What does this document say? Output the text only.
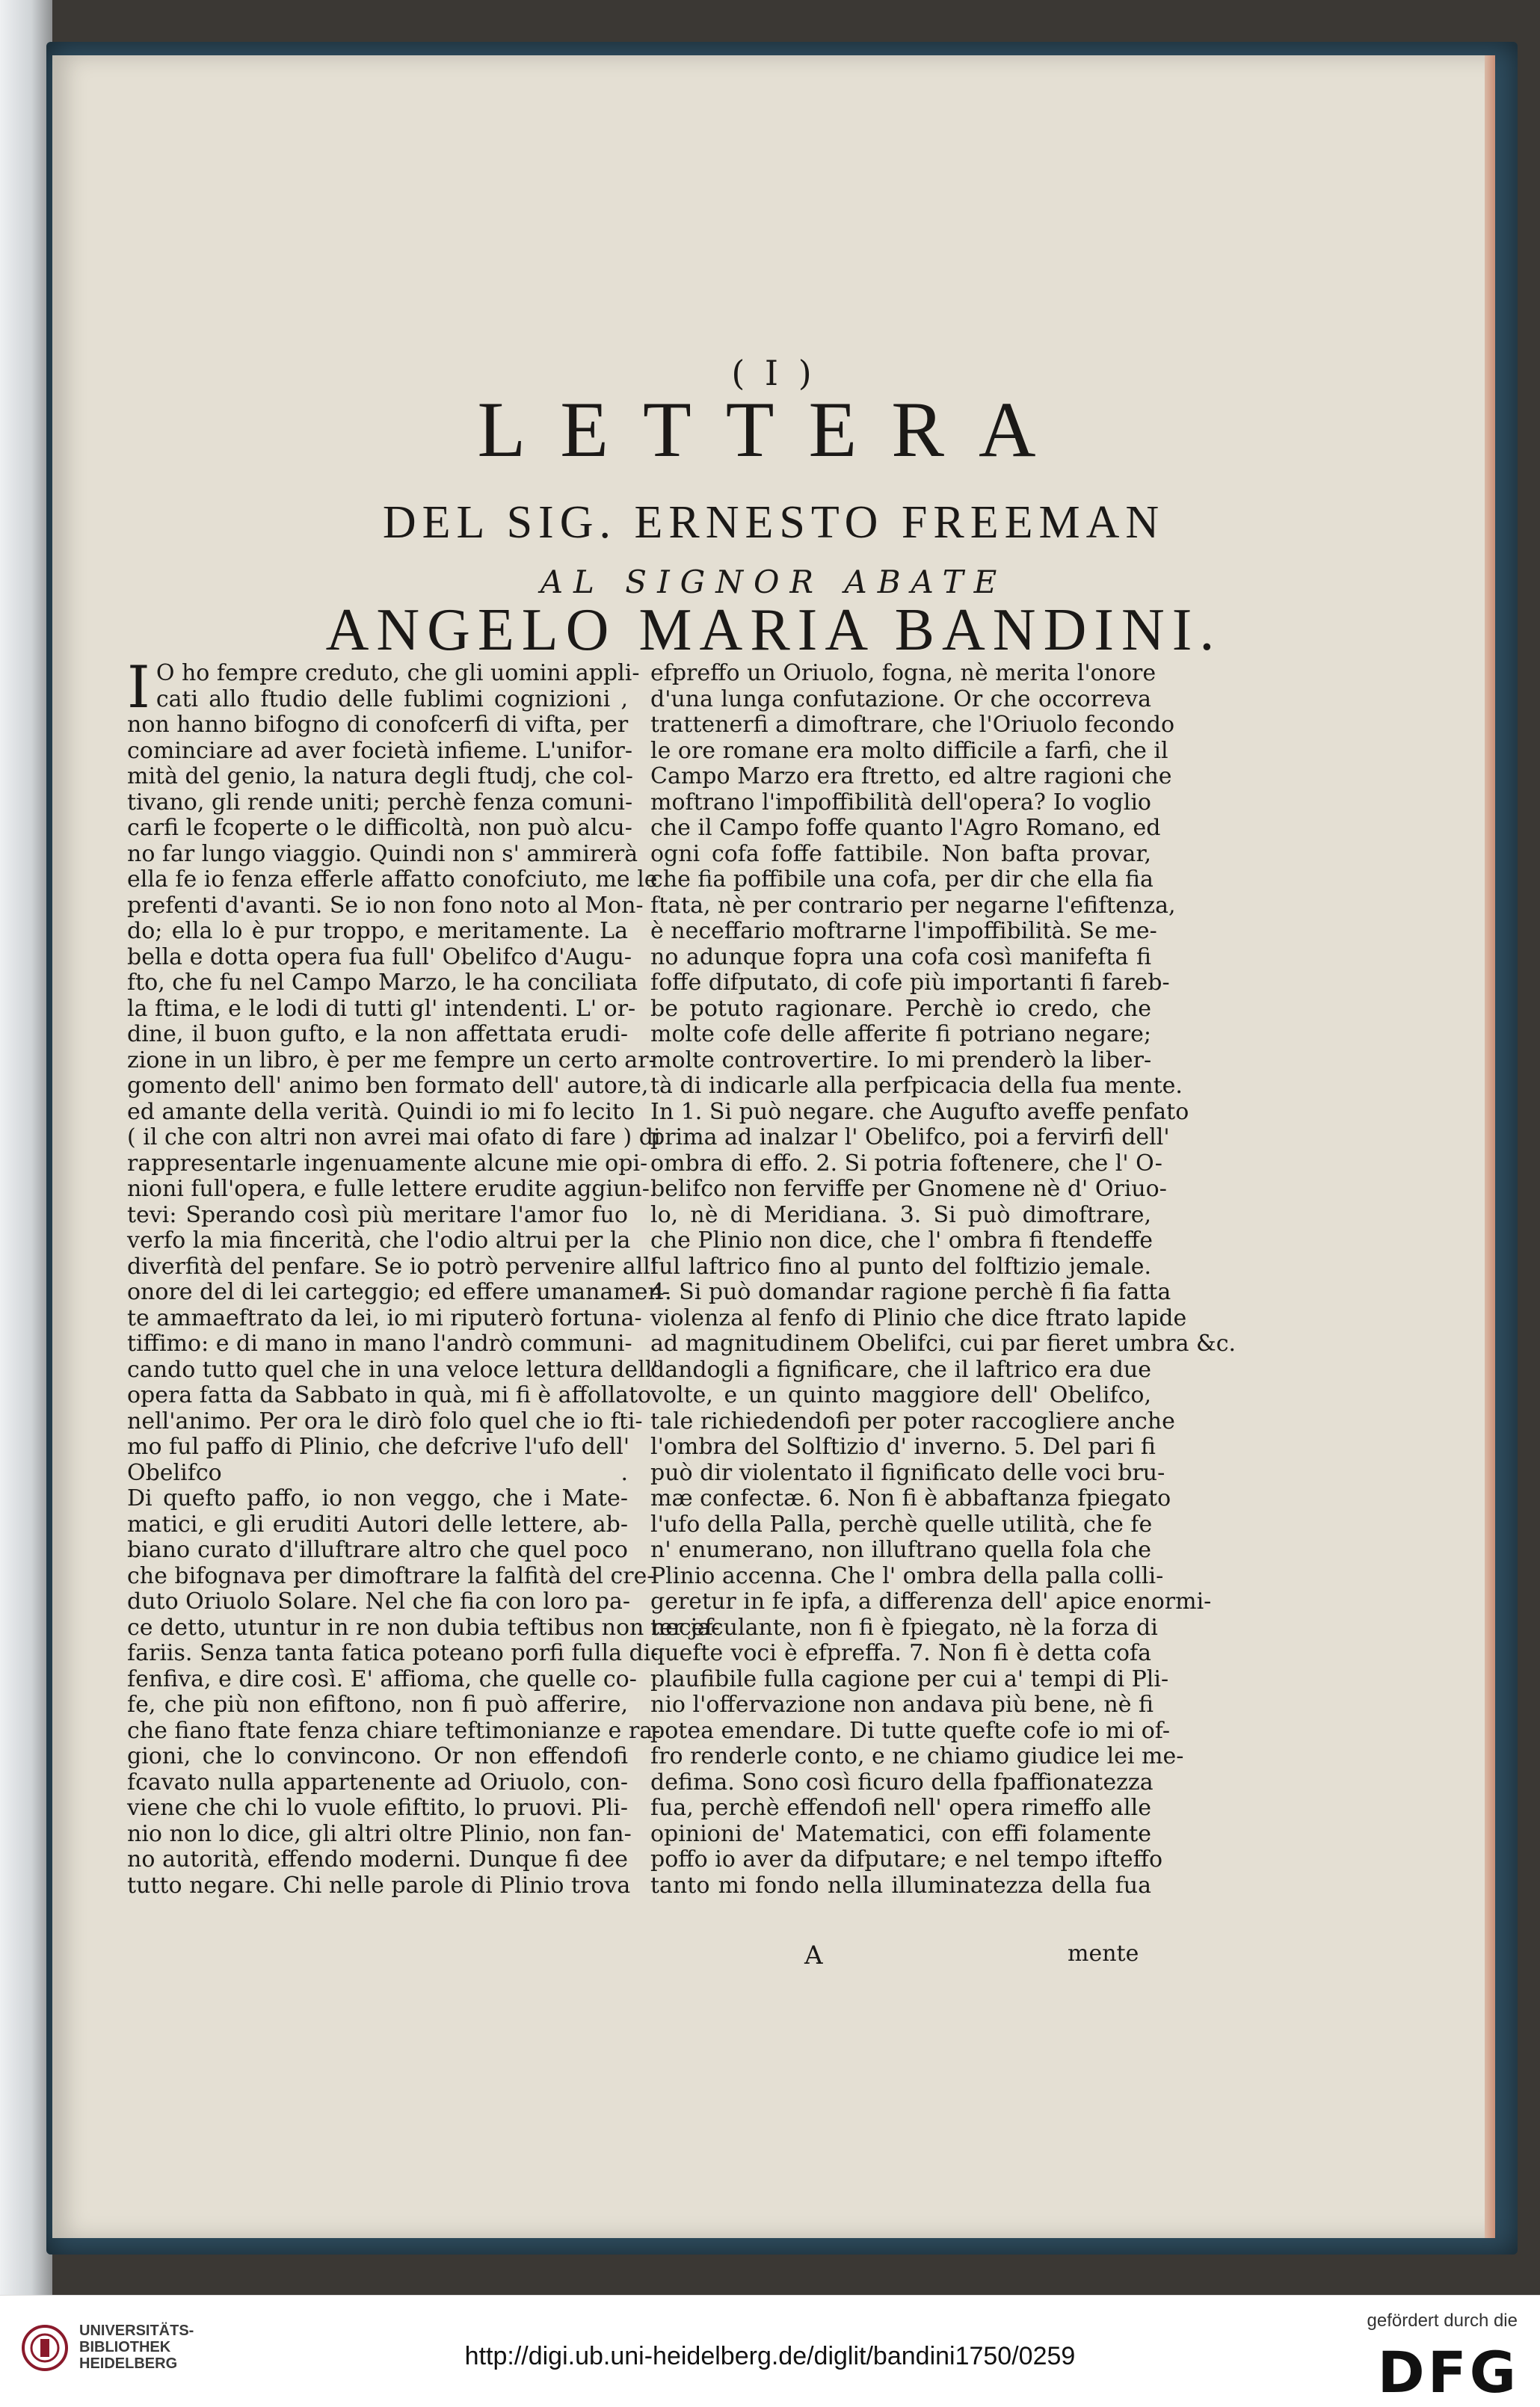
( I )
LETTERA
DEL SIG. ERNESTO FREEMAN
AL SIGNOR ABATE
ANGELO MARIA BANDINI.
I O ho fempre creduto, che gli uomini appli-
cati allo ftudio delle fublimi cognizioni ,
non hanno bifogno di conofcerfi di vifta, per
cominciare ad aver focietà infieme. L'unifor-
mità del genio, la natura degli ftudj, che col-
tivano, gli rende uniti; perchè fenza comuni-
carfi le fcoperte o le difficoltà, non può alcu-
no far lungo viaggio. Quindi non s' ammirerà
ella fe io fenza efferle affatto conofciuto, me le
prefenti d'avanti. Se io non fono noto al Mon-
do; ella lo è pur troppo, e meritamente. La
bella e dotta opera fua full' Obelifco d'Augu-
fto, che fu nel Campo Marzo, le ha conciliata
la ftima, e le lodi di tutti gl' intendenti. L' or-
dine, il buon gufto, e la non affettata erudi-
zione in un libro, è per me fempre un certo ar-
gomento dell' animo ben formato dell' autore,
ed amante della verità. Quindi io mi fo lecito
( il che con altri non avrei mai ofato di fare ) di
rappresentarle ingenuamente alcune mie opi-
nioni full'opera, e fulle lettere erudite aggiun-
tevi: Sperando così più meritare l'amor fuo
verfo la mia fincerità, che l'odio altrui per la
diverfità del penfare. Se io potrò pervenire all'
onore del di lei carteggio; ed effere umanamen-
te ammaeftrato da lei, io mi riputerò fortuna-
tiffimo: e di mano in mano l'andrò communi-
cando tutto quel che in una veloce lettura dell'
opera fatta da Sabbato in quà, mi fi è affollato
nell'animo. Per ora le dirò folo quel che io fti-
mo ful paffo di Plinio, che defcrive l'ufo dell'
Obelifco .
Di quefto paffo, io non veggo, che i Mate-
matici, e gli eruditi Autori delle lettere, ab-
biano curato d'illuftrare altro che quel poco
che bifognava per dimoftrare la falfità del cre-
duto Oriuolo Solare. Nel che fia con loro pa-
ce detto, utuntur in re non dubia teftibus non necef-
fariis. Senza tanta fatica poteano porfi fulla di-
fenfiva, e dire così. E' affioma, che quelle co-
fe, che più non efiftono, non fi può afferire,
che fiano ftate fenza chiare teftimonianze e ra-
gioni, che lo convincono. Or non effendofi
fcavato nulla appartenente ad Oriuolo, con-
viene che chi lo vuole efiftito, lo pruovi. Pli-
nio non lo dice, gli altri oltre Plinio, non fan-
no autorità, effendo moderni. Dunque fi dee
tutto negare. Chi nelle parole di Plinio trova
efpreffo un Oriuolo, fogna, nè merita l'onore
d'una lunga confutazione. Or che occorreva
trattenerfi a dimoftrare, che l'Oriuolo fecondo
le ore romane era molto difficile a farfi, che il
Campo Marzo era ftretto, ed altre ragioni che
moftrano l'impoffibilità dell'opera? Io voglio
che il Campo foffe quanto l'Agro Romano, ed
ogni cofa foffe fattibile. Non bafta provar,
che fia poffibile una cofa, per dir che ella fia
ftata, nè per contrario per negarne l'efiftenza,
è neceffario moftrarne l'impoffibilità. Se me-
no adunque fopra una cofa così manifefta fi
foffe difputato, di cofe più importanti fi fareb-
be potuto ragionare. Perchè io credo, che
molte cofe delle afferite fi potriano negare;
molte controvertire. Io mi prenderò la liber-
tà di indicarle alla perfpicacia della fua mente.
In 1. Si può negare. che Augufto aveffe penfato
prima ad inalzar l' Obelifco, poi a fervirfi dell'
ombra di effo. 2. Si potria foftenere, che l' O-
belifco non ferviffe per Gnomene nè d' Oriuo-
lo, nè di Meridiana. 3. Si può dimoftrare,
che Plinio non dice, che l' ombra fi ftendeffe
ful laftrico fino al punto del folftizio jemale.
4. Si può domandar ragione perchè fi fia fatta
violenza al fenfo di Plinio che dice ftrato lapide
ad magnitudinem Obelifci, cui par fieret umbra &c.
dandogli a fignificare, che il laftrico era due
volte, e un quinto maggiore dell' Obelifco,
tale richiedendofi per poter raccogliere anche
l'ombra del Solftizio d' inverno. 5. Del pari fi
può dir violentato il fignificato delle voci bru-
mæ confectæ. 6. Non fi è abbaftanza fpiegato
l'ufo della Palla, perchè quelle utilità, che fe
n' enumerano, non illuftrano quella fola che
Plinio accenna. Che l' ombra della palla colli-
geretur in fe ipfa, a differenza dell' apice enormi-
ter jaculante, non fi è fpiegato, nè la forza di
quefte voci è efpreffa. 7. Non fi è detta cofa
plaufibile fulla cagione per cui a' tempi di Pli-
nio l'offervazione non andava più bene, nè fi
potea emendare. Di tutte quefte cofe io mi of-
fro renderle conto, e ne chiamo giudice lei me-
defima. Sono così ficuro della fpaffionatezza
fua, perchè effendofi nell' opera rimeffo alle
opinioni de' Matematici, con effi folamente
poffo io aver da difputare; e nel tempo ifteffo
tanto mi fondo nella illuminatezza della fua
A	mente
UNIVERSITÄTS-
BIBLIOTHEK
HEIDELBERG	http://digi.ub.uni-heidelberg.de/diglit/bandini1750/0259
gefördert durch die
DFG
